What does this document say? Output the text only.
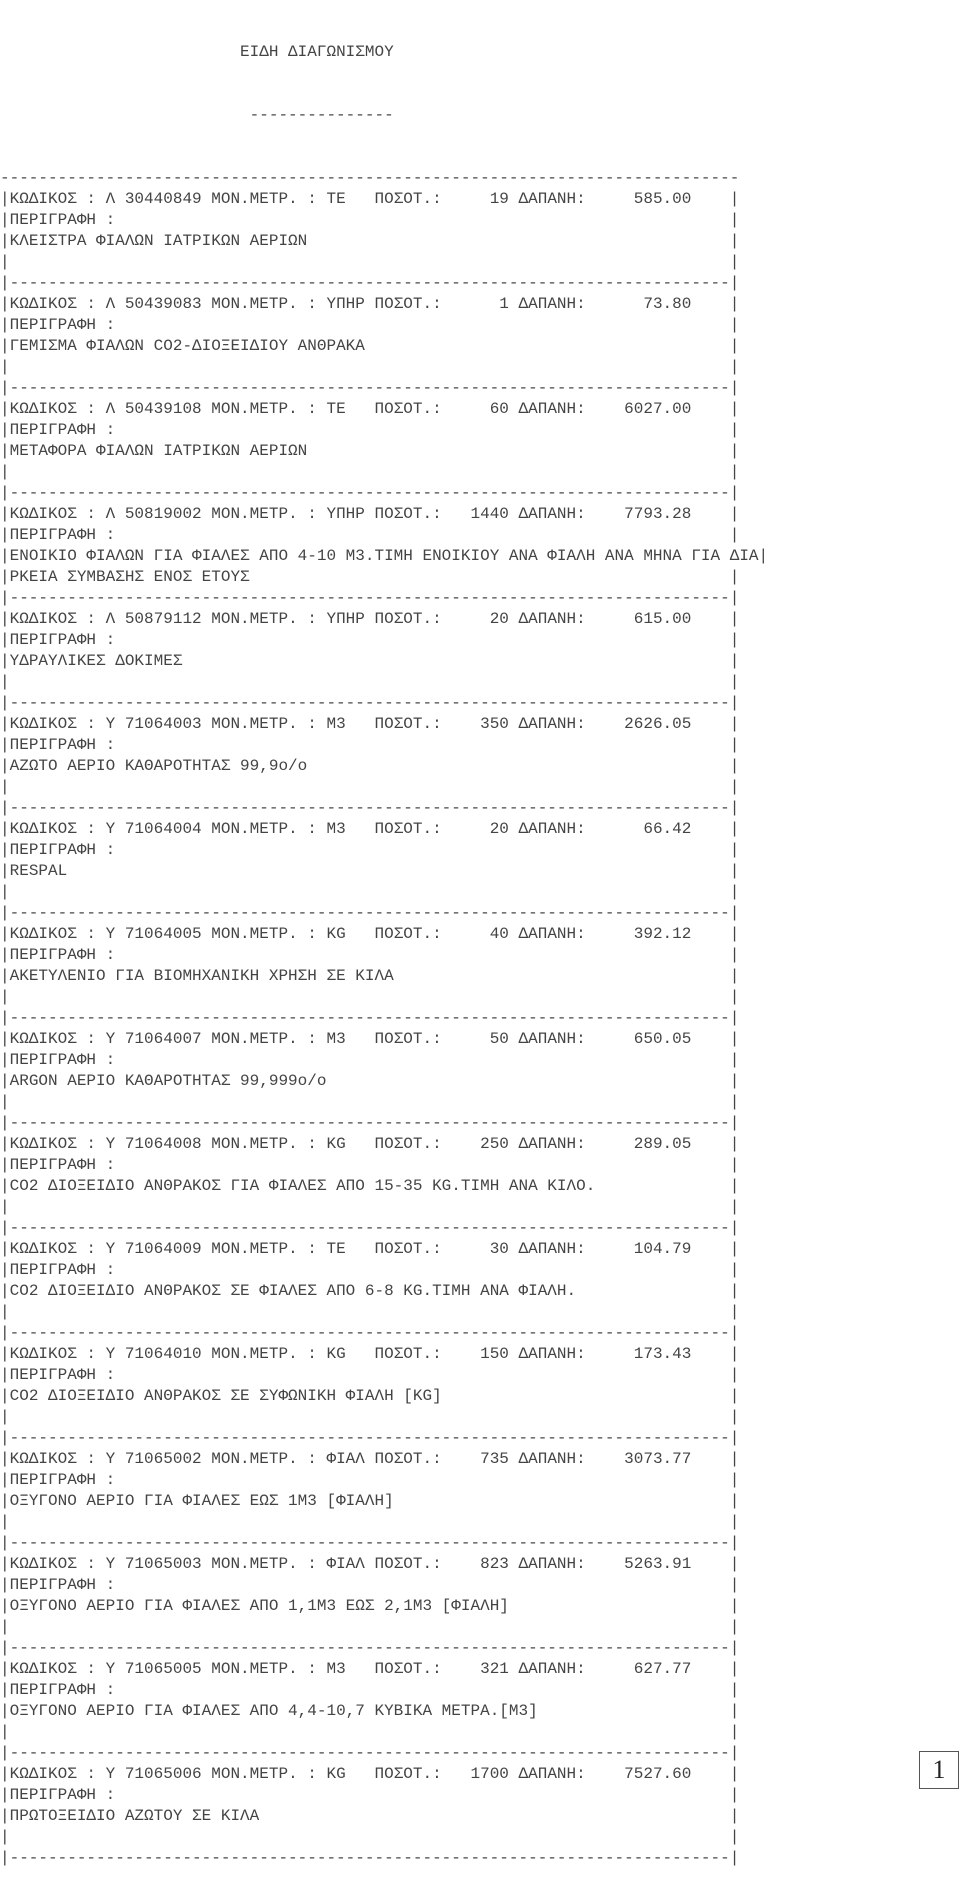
ΕΙΔΗ ΔΙΑΓΩΝΙΣΜΟΥ

---------------

-----------------------------------------------------------------------------
|ΚΩΔΙΚΟΣ : Λ 30440849 ΜΟΝ.ΜΕΤΡ. : ΤΕ   ΠΟΣΟΤ.:     19 ΔΑΠΑΝΗ:     585.00    |
|ΠΕΡΙΓΡΑΦΗ :                                                                |
|ΚΛΕΙΣΤΡΑ ΦΙΑΛΩΝ ΙΑΤΡΙΚΩΝ ΑΕΡΙΩΝ                                            |
|                                                                           |
|---------------------------------------------------------------------------|
|ΚΩΔΙΚΟΣ : Λ 50439083 ΜΟΝ.ΜΕΤΡ. : ΥΠΗΡ ΠΟΣΟΤ.:      1 ΔΑΠΑΝΗ:      73.80    |
|ΠΕΡΙΓΡΑΦΗ :                                                                |
|ΓΕΜΙΣΜΑ ΦΙΑΛΩΝ CO2-ΔΙΟΞΕΙΔΙΟΥ ΑΝΘΡΑΚΑ                                      |
|                                                                           |
|---------------------------------------------------------------------------|
|ΚΩΔΙΚΟΣ : Λ 50439108 ΜΟΝ.ΜΕΤΡ. : ΤΕ   ΠΟΣΟΤ.:     60 ΔΑΠΑΝΗ:    6027.00    |
|ΠΕΡΙΓΡΑΦΗ :                                                                |
|ΜΕΤΑΦΟΡΑ ΦΙΑΛΩΝ ΙΑΤΡΙΚΩΝ ΑΕΡΙΩΝ                                            |
|                                                                           |
|---------------------------------------------------------------------------|
|ΚΩΔΙΚΟΣ : Λ 50819002 ΜΟΝ.ΜΕΤΡ. : ΥΠΗΡ ΠΟΣΟΤ.:   1440 ΔΑΠΑΝΗ:    7793.28    |
|ΠΕΡΙΓΡΑΦΗ :                                                                |
|ΕΝΟΙΚΙΟ ΦΙΑΛΩΝ ΓΙΑ ΦΙΑΛΕΣ ΑΠΟ 4-10 Μ3.ΤΙΜΗ ΕΝΟΙΚΙΟΥ ΑΝΑ ΦΙΑΛΗ ΑΝΑ ΜΗΝΑ ΓΙΑ ΔΙΑ|
|ΡΚΕΙΑ ΣΥΜΒΑΣΗΣ ΕΝΟΣ ΕΤΟΥΣ                                                  |
|---------------------------------------------------------------------------|
|ΚΩΔΙΚΟΣ : Λ 50879112 ΜΟΝ.ΜΕΤΡ. : ΥΠΗΡ ΠΟΣΟΤ.:     20 ΔΑΠΑΝΗ:     615.00    |
|ΠΕΡΙΓΡΑΦΗ :                                                                |
|ΥΔΡΑΥΛΙΚΕΣ ΔΟΚΙΜΕΣ                                                         |
|                                                                           |
|---------------------------------------------------------------------------|
|ΚΩΔΙΚΟΣ : Υ 71064003 ΜΟΝ.ΜΕΤΡ. : Μ3   ΠΟΣΟΤ.:    350 ΔΑΠΑΝΗ:    2626.05    |
|ΠΕΡΙΓΡΑΦΗ :                                                                |
|ΑΖΩΤΟ ΑΕΡΙΟ ΚΑΘΑΡΟΤΗΤΑΣ 99,9ο/ο                                            |
|                                                                           |
|---------------------------------------------------------------------------|
|ΚΩΔΙΚΟΣ : Υ 71064004 ΜΟΝ.ΜΕΤΡ. : Μ3   ΠΟΣΟΤ.:     20 ΔΑΠΑΝΗ:      66.42    |
|ΠΕΡΙΓΡΑΦΗ :                                                                |
|RESPAL                                                                     |
|                                                                           |
|---------------------------------------------------------------------------|
|ΚΩΔΙΚΟΣ : Υ 71064005 ΜΟΝ.ΜΕΤΡ. : KG   ΠΟΣΟΤ.:     40 ΔΑΠΑΝΗ:     392.12    |
|ΠΕΡΙΓΡΑΦΗ :                                                                |
|ΑΚΕΤΥΛΕΝΙΟ ΓΙΑ ΒΙΟΜΗΧΑΝΙΚΗ ΧΡΗΣΗ ΣΕ ΚΙΛΑ                                   |
|                                                                           |
|---------------------------------------------------------------------------|
|ΚΩΔΙΚΟΣ : Υ 71064007 ΜΟΝ.ΜΕΤΡ. : Μ3   ΠΟΣΟΤ.:     50 ΔΑΠΑΝΗ:     650.05    |
|ΠΕΡΙΓΡΑΦΗ :                                                                |
|ARGON ΑΕΡΙΟ ΚΑΘΑΡΟΤΗΤΑΣ 99,999ο/ο                                          |
|                                                                           |
|---------------------------------------------------------------------------|
|ΚΩΔΙΚΟΣ : Υ 71064008 ΜΟΝ.ΜΕΤΡ. : KG   ΠΟΣΟΤ.:    250 ΔΑΠΑΝΗ:     289.05    |
|ΠΕΡΙΓΡΑΦΗ :                                                                |
|CO2 ΔΙΟΞΕΙΔΙΟ ΑΝΘΡΑΚΟΣ ΓΙΑ ΦΙΑΛΕΣ ΑΠΟ 15-35 KG.ΤΙΜΗ ΑΝΑ ΚΙΛΟ.              |
|                                                                           |
|---------------------------------------------------------------------------|
|ΚΩΔΙΚΟΣ : Υ 71064009 ΜΟΝ.ΜΕΤΡ. : ΤΕ   ΠΟΣΟΤ.:     30 ΔΑΠΑΝΗ:     104.79    |
|ΠΕΡΙΓΡΑΦΗ :                                                                |
|CO2 ΔΙΟΞΕΙΔΙΟ ΑΝΘΡΑΚΟΣ ΣΕ ΦΙΑΛΕΣ ΑΠΟ 6-8 KG.ΤΙΜΗ ΑΝΑ ΦΙΑΛΗ.                |
|                                                                           |
|---------------------------------------------------------------------------|
|ΚΩΔΙΚΟΣ : Υ 71064010 ΜΟΝ.ΜΕΤΡ. : KG   ΠΟΣΟΤ.:    150 ΔΑΠΑΝΗ:     173.43    |
|ΠΕΡΙΓΡΑΦΗ :                                                                |
|CO2 ΔΙΟΞΕΙΔΙΟ ΑΝΘΡΑΚΟΣ ΣΕ ΣΥΦΩΝΙΚΗ ΦΙΑΛΗ [KG]                              |
|                                                                           |
|---------------------------------------------------------------------------|
|ΚΩΔΙΚΟΣ : Υ 71065002 ΜΟΝ.ΜΕΤΡ. : ΦΙΑΛ ΠΟΣΟΤ.:    735 ΔΑΠΑΝΗ:    3073.77    |
|ΠΕΡΙΓΡΑΦΗ :                                                                |
|ΟΞΥΓΟΝΟ ΑΕΡΙΟ ΓΙΑ ΦΙΑΛΕΣ ΕΩΣ 1Μ3 [ΦΙΑΛΗ]                                   |
|                                                                           |
|---------------------------------------------------------------------------|
|ΚΩΔΙΚΟΣ : Υ 71065003 ΜΟΝ.ΜΕΤΡ. : ΦΙΑΛ ΠΟΣΟΤ.:    823 ΔΑΠΑΝΗ:    5263.91    |
|ΠΕΡΙΓΡΑΦΗ :                                                                |
|ΟΞΥΓΟΝΟ ΑΕΡΙΟ ΓΙΑ ΦΙΑΛΕΣ ΑΠΟ 1,1Μ3 ΕΩΣ 2,1Μ3 [ΦΙΑΛΗ]                       |
|                                                                           |
|---------------------------------------------------------------------------|
|ΚΩΔΙΚΟΣ : Υ 71065005 ΜΟΝ.ΜΕΤΡ. : Μ3   ΠΟΣΟΤ.:    321 ΔΑΠΑΝΗ:     627.77    |
|ΠΕΡΙΓΡΑΦΗ :                                                                |
|ΟΞΥΓΟΝΟ ΑΕΡΙΟ ΓΙΑ ΦΙΑΛΕΣ ΑΠΟ 4,4-10,7 ΚΥΒΙΚΑ ΜΕΤΡΑ.[Μ3]                    |
|                                                                           |
|---------------------------------------------------------------------------|
|ΚΩΔΙΚΟΣ : Υ 71065006 ΜΟΝ.ΜΕΤΡ. : KG   ΠΟΣΟΤ.:   1700 ΔΑΠΑΝΗ:    7527.60    |
|ΠΕΡΙΓΡΑΦΗ :                                                                |
|ΠΡΩΤΟΞΕΙΔΙΟ ΑΖΩΤΟΥ ΣΕ ΚΙΛΑ                                                 |
|                                                                           |
|---------------------------------------------------------------------------|

1
